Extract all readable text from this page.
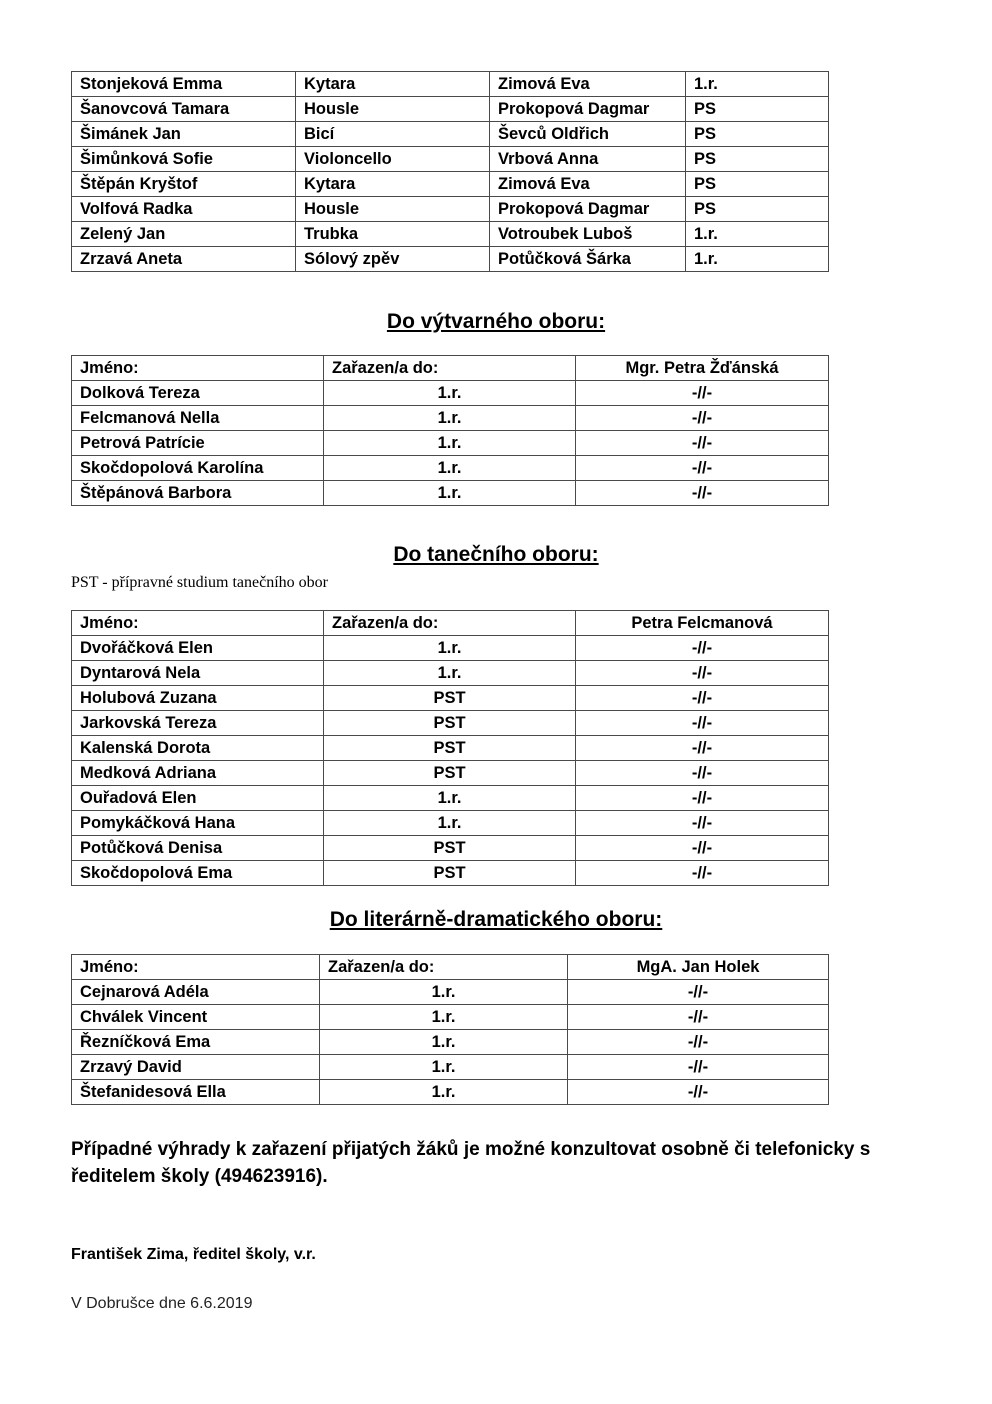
Stonjeková Emma	Kytara	Zimová Eva	1.r.
Šanovcová Tamara	Housle	Prokopová Dagmar	PS
Šimánek Jan	Bicí	Ševců Oldřich	PS
Šimůnková Sofie	Violoncello	Vrbová Anna	PS
Štěpán Kryštof	Kytara	Zimová Eva	PS
Volfová Radka	Housle	Prokopová Dagmar	PS
Zelený Jan	Trubka	Votroubek Luboš	1.r.
Zrzavá Aneta	Sólový zpěv	Potůčková Šárka	1.r.
Do výtvarného oboru:
Jméno:	Zařazen/a do:	Mgr. Petra Žďánská
Dolková Tereza	1.r.	-//-
Felcmanová Nella	1.r.	-//-
Petrová Patrície	1.r.	-//-
Skočdopolová Karolína	1.r.	-//-
Štěpánová Barbora	1.r.	-//-
Do tanečního oboru:
PST - přípravné studium tanečního obor
Jméno:	Zařazen/a do:	Petra Felcmanová
Dvořáčková Elen	1.r.	-//-
Dyntarová Nela	1.r.	-//-
Holubová Zuzana	PST	-//-
Jarkovská Tereza	PST	-//-
Kalenská Dorota	PST	-//-
Medková Adriana	PST	-//-
Ouřadová Elen	1.r.	-//-
Pomykáčková Hana	1.r.	-//-
Potůčková Denisa	PST	-//-
Skočdopolová Ema	PST	-//-
Do literárně-dramatického oboru:
Jméno:	Zařazen/a do:	MgA. Jan Holek
Cejnarová Adéla	1.r.	-//-
Chválek Vincent	1.r.	-//-
Řezníčková Ema	1.r.	-//-
Zrzavý David	1.r.	-//-
Štefanidesová Ella	1.r.	-//-
Případné výhrady k zařazení přijatých žáků je možné konzultovat osobně či telefonicky s ředitelem školy (494623916).
František Zima, ředitel školy, v.r.
V Dobrušce dne 6.6.2019
